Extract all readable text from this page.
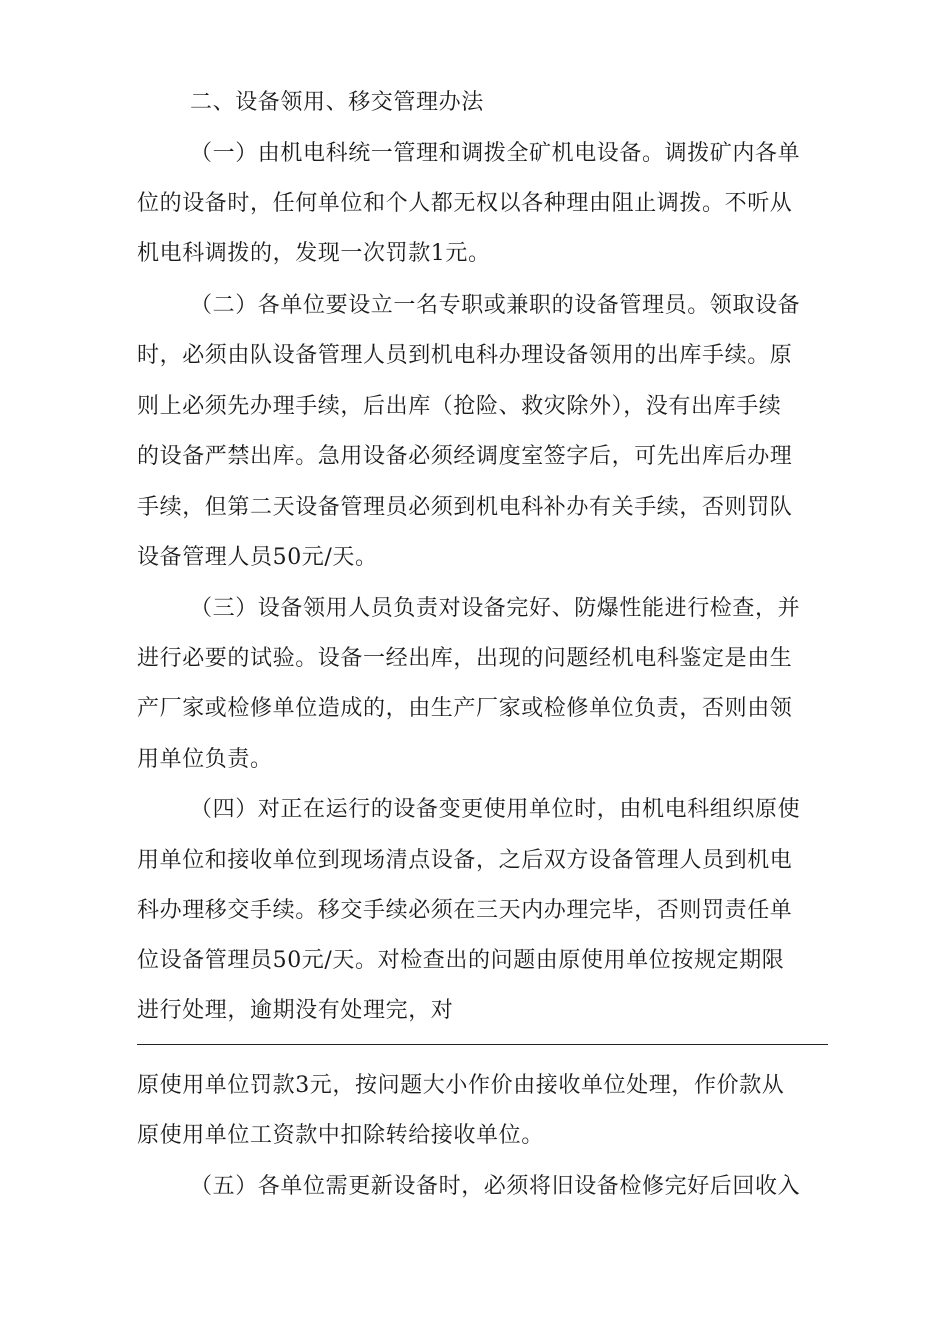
二、设备领用、移交管理办法
（一）由机电科统一管理和调拨全矿机电设备。调拨矿内各单
位的设备时，任何单位和个人都无权以各种理由阻止调拨。不听从
机电科调拨的，发现一次罚款1元。
（二）各单位要设立一名专职或兼职的设备管理员。领取设备
时，必须由队设备管理人员到机电科办理设备领用的出库手续。原
则上必须先办理手续，后出库（抢险、救灾除外），没有出库手续
的设备严禁出库。急用设备必须经调度室签字后，可先出库后办理
手续，但第二天设备管理员必须到机电科补办有关手续，否则罚队
设备管理人员50元/天。
（三）设备领用人员负责对设备完好、防爆性能进行检查，并
进行必要的试验。设备一经出库，出现的问题经机电科鉴定是由生
产厂家或检修单位造成的，由生产厂家或检修单位负责，否则由领
用单位负责。
（四）对正在运行的设备变更使用单位时，由机电科组织原使
用单位和接收单位到现场清点设备，之后双方设备管理人员到机电
科办理移交手续。移交手续必须在三天内办理完毕，否则罚责任单
位设备管理员50元/天。对检查出的问题由原使用单位按规定期限
进行处理，逾期没有处理完，对
原使用单位罚款3元，按问题大小作价由接收单位处理，作价款从
原使用单位工资款中扣除转给接收单位。
（五）各单位需更新设备时，必须将旧设备检修完好后回收入
